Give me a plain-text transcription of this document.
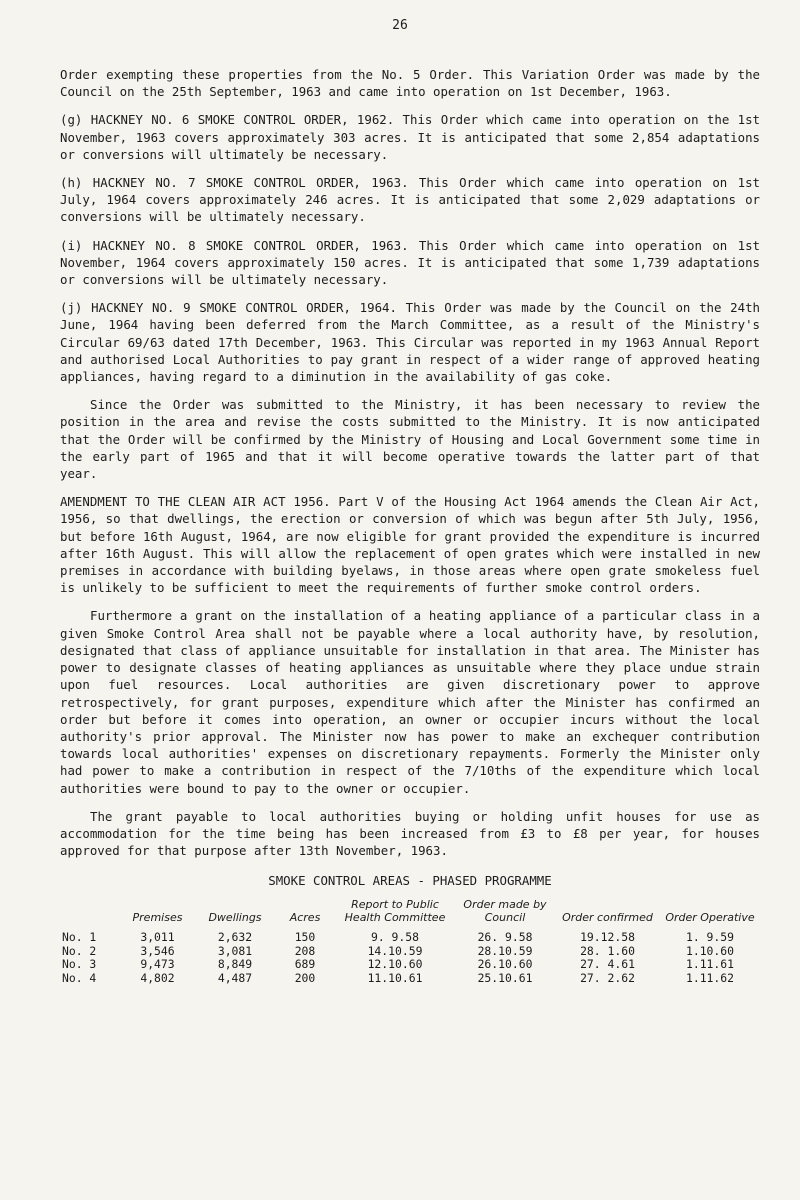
26

Order exempting these properties from the No. 5 Order. This Variation Order was made by the Council on the 25th September, 1963 and came into operation on 1st December, 1963.

(g) HACKNEY NO. 6 SMOKE CONTROL ORDER, 1962. This Order which came into operation on the 1st November, 1963 covers approximately 303 acres. It is anticipated that some 2,854 adaptations or conversions will ultimately be necessary.

(h) HACKNEY NO. 7 SMOKE CONTROL ORDER, 1963. This Order which came into operation on 1st July, 1964 covers approximately 246 acres. It is anticipated that some 2,029 adaptations or conversions will be ultimately necessary.

(i) HACKNEY NO. 8 SMOKE CONTROL ORDER, 1963. This Order which came into operation on 1st November, 1964 covers approximately 150 acres. It is anticipated that some 1,739 adaptations or conversions will be ultimately necessary.

(j) HACKNEY NO. 9 SMOKE CONTROL ORDER, 1964. This Order was made by the Council on the 24th June, 1964 having been deferred from the March Committee, as a result of the Ministry's Circular 69/63 dated 17th December, 1963. This Circular was reported in my 1963 Annual Report and authorised Local Authorities to pay grant in respect of a wider range of approved heating appliances, having regard to a diminution in the availability of gas coke.

Since the Order was submitted to the Ministry, it has been necessary to review the position in the area and revise the costs submitted to the Ministry. It is now anticipated that the Order will be confirmed by the Ministry of Housing and Local Government some time in the early part of 1965 and that it will become operative towards the latter part of that year.

AMENDMENT TO THE CLEAN AIR ACT 1956. Part V of the Housing Act 1964 amends the Clean Air Act, 1956, so that dwellings, the erection or conversion of which was begun after 5th July, 1956, but before 16th August, 1964, are now eligible for grant provided the expenditure is incurred after 16th August. This will allow the replacement of open grates which were installed in new premises in accordance with building byelaws, in those areas where open grate smokeless fuel is unlikely to be sufficient to meet the requirements of further smoke control orders.

Furthermore a grant on the installation of a heating appliance of a particular class in a given Smoke Control Area shall not be payable where a local authority have, by resolution, designated that class of appliance unsuitable for installation in that area. The Minister has power to designate classes of heating appliances as unsuitable where they place undue strain upon fuel resources. Local authorities are given discretionary power to approve retrospectively, for grant purposes, expenditure which after the Minister has confirmed an order but before it comes into operation, an owner or occupier incurs without the local authority's prior approval. The Minister now has power to make an exchequer contribution towards local authorities' expenses on discretionary repayments. Formerly the Minister only had power to make a contribution in respect of the 7/10ths of the expenditure which local authorities were bound to pay to the owner or occupier.

The grant payable to local authorities buying or holding unfit houses for use as accommodation for the time being has been increased from £3 to £8 per year, for houses approved for that purpose after 13th November, 1963.

SMOKE CONTROL AREAS - PHASED PROGRAMME
	Premises	Dwellings	Acres	Report to Public Health Committee	Order made by Council	Order confirmed	Order Operative
No. 1	3,011	2,632	150	9. 9.58	26. 9.58	19.12.58	1. 9.59
No. 2	3,546	3,081	208	14.10.59	28.10.59	28. 1.60	1.10.60
No. 3	9,473	8,849	689	12.10.60	26.10.60	27. 4.61	1.11.61
No. 4	4,802	4,487	200	11.10.61	25.10.61	27. 2.62	1.11.62
